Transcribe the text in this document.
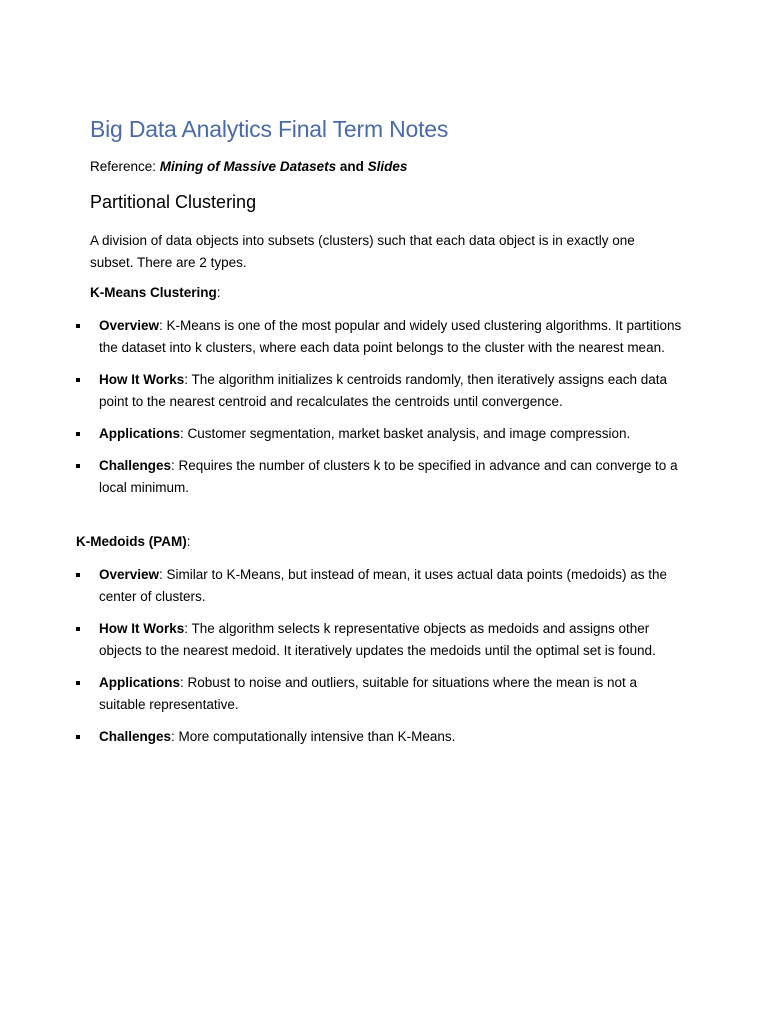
Big Data Analytics Final Term Notes
Reference: Mining of Massive Datasets and Slides
Partitional Clustering
A division of data objects into subsets (clusters) such that each data object is in exactly one subset. There are 2 types.
K-Means Clustering:
Overview: K-Means is one of the most popular and widely used clustering algorithms. It partitions the dataset into k clusters, where each data point belongs to the cluster with the nearest mean.
How It Works: The algorithm initializes k centroids randomly, then iteratively assigns each data point to the nearest centroid and recalculates the centroids until convergence.
Applications: Customer segmentation, market basket analysis, and image compression.
Challenges: Requires the number of clusters k to be specified in advance and can converge to a local minimum.
K-Medoids (PAM):
Overview: Similar to K-Means, but instead of mean, it uses actual data points (medoids) as the center of clusters.
How It Works: The algorithm selects k representative objects as medoids and assigns other objects to the nearest medoid. It iteratively updates the medoids until the optimal set is found.
Applications: Robust to noise and outliers, suitable for situations where the mean is not a suitable representative.
Challenges: More computationally intensive than K-Means.
